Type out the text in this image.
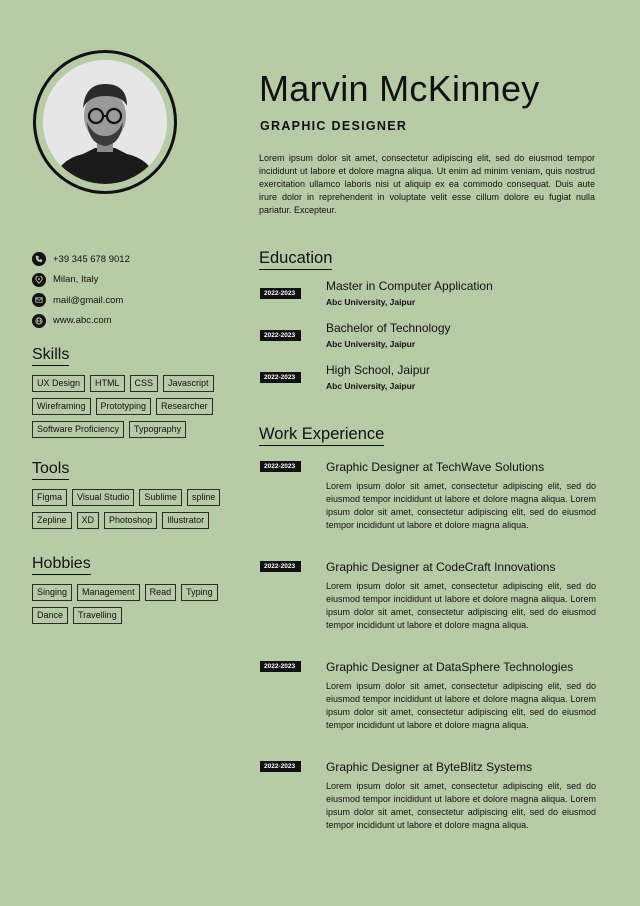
Marvin McKinney
GRAPHIC DESIGNER
Lorem ipsum dolor sit amet, consectetur adipiscing elit, sed do eiusmod tempor incididunt ut labore et dolore magna aliqua. Ut enim ad minim veniam, quis nostrud exercitation ullamco laboris nisi ut aliquip ex ea commodo consequat. Duis aute irure dolor in reprehenderit in voluptate velit esse cillum dolore eu fugiat nulla pariatur. Excepteur.
+39 345 678 9012
Milan, Italy
mail@gmail.com
www.abc.com
Skills
UX Design	HTML	CSS	Javascript
Wireframing	Prototyping	Researcher
Software Proficiency	Typography
Tools
Figma	Visual Studio	Sublime	spline
Zepline	XD	Photoshop	Illustrator
Hobbies
Singing	Management	Read	Typing
Dance	Travelling
Education
2022-2023
Master in Computer Application
Abc University, Jaipur
2022-2023
Bachelor of Technology
Abc University, Jaipur
2022-2023
High School, Jaipur
Abc University, Jaipur
Work Experience
2022-2023	Graphic Designer at TechWave Solutions
Lorem ipsum dolor sit amet, consectetur adipiscing elit, sed do eiusmod tempor incididunt ut labore et dolore magna aliqua. Lorem ipsum dolor sit amet, consectetur adipiscing elit, sed do eiusmod tempor incididunt ut labore et dolore magna aliqua.
2022-2023	Graphic Designer at CodeCraft Innovations
Lorem ipsum dolor sit amet, consectetur adipiscing elit, sed do eiusmod tempor incididunt ut labore et dolore magna aliqua. Lorem ipsum dolor sit amet, consectetur adipiscing elit, sed do eiusmod tempor incididunt ut labore et dolore magna aliqua.
2022-2023	Graphic Designer at DataSphere Technologies
Lorem ipsum dolor sit amet, consectetur adipiscing elit, sed do eiusmod tempor incididunt ut labore et dolore magna aliqua. Lorem ipsum dolor sit amet, consectetur adipiscing elit, sed do eiusmod tempor incididunt ut labore et dolore magna aliqua.
2022-2023	Graphic Designer at ByteBlitz Systems
Lorem ipsum dolor sit amet, consectetur adipiscing elit, sed do eiusmod tempor incididunt ut labore et dolore magna aliqua. Lorem ipsum dolor sit amet, consectetur adipiscing elit, sed do eiusmod tempor incididunt ut labore et dolore magna aliqua.
